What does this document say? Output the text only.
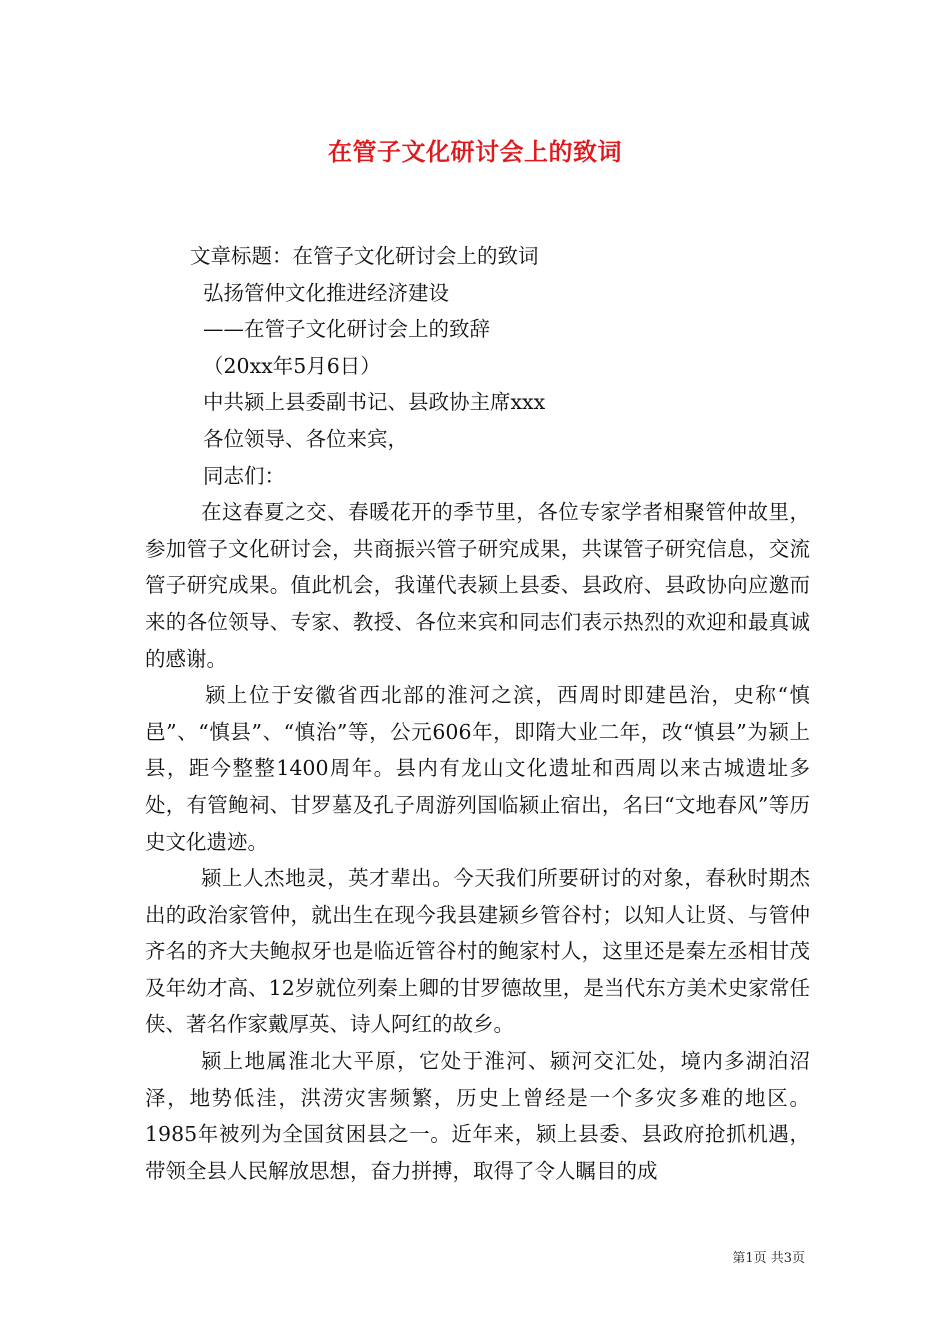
在管子文化研讨会上的致词
文章标题：在管子文化研讨会上的致词
弘扬管仲文化推进经济建设
——在管子文化研讨会上的致辞
（20xx年5月6日）
中共颍上县委副书记、县政协主席xxx
各位领导、各位来宾，
同志们：

在这春夏之交、春暖花开的季节里，各位专家学者相聚管仲故里，参加管子文化研讨会，共商振兴管子研究成果，共谋管子研究信息，交流管子研究成果。值此机会，我谨代表颍上县委、县政府、县政协向应邀而来的各位领导、专家、教授、各位来宾和同志们表示热烈的欢迎和最真诚的感谢。

颍上位于安徽省西北部的淮河之滨，西周时即建邑治，史称“慎邑”、“慎县”、“慎治”等，公元606年，即隋大业二年，改“慎县”为颍上县，距今整整1400周年。县内有龙山文化遗址和西周以来古城遗址多处，有管鲍祠、甘罗墓及孔子周游列国临颍止宿出，名曰“文地春风”等历史文化遗迹。

颍上人杰地灵，英才辈出。今天我们所要研讨的对象，春秋时期杰出的政治家管仲，就出生在现今我县建颍乡管谷村；以知人让贤、与管仲齐名的齐大夫鲍叔牙也是临近管谷村的鲍家村人，这里还是秦左丞相甘茂及年幼才高、12岁就位列秦上卿的甘罗德故里，是当代东方美术史家常任侠、著名作家戴厚英、诗人阿红的故乡。

颍上地属淮北大平原，它处于淮河、颍河交汇处，境内多湖泊沼泽，地势低洼，洪涝灾害频繁，历史上曾经是一个多灾多难的地区。1985年被列为全国贫困县之一。近年来，颍上县委、县政府抢抓机遇，带领全县人民解放思想，奋力拼搏，取得了令人瞩目的成

第1页 共3页
